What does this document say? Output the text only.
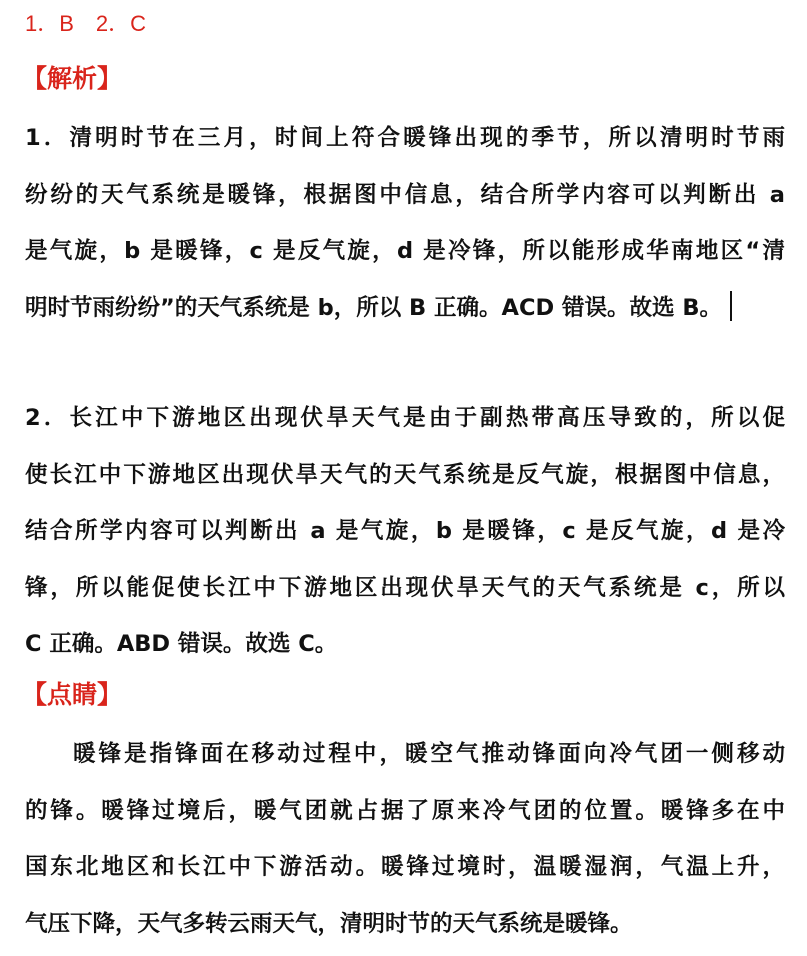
1．B　2．C
【解析】
1．清明时节在三月，时间上符合暖锋出现的季节，所以清明时节雨
纷纷的天气系统是暖锋，根据图中信息，结合所学内容可以判断出 a
是气旋，b 是暖锋，c 是反气旋，d 是冷锋，所以能形成华南地区“清
明时节雨纷纷”的天气系统是 b，所以 B 正确。ACD 错误。故选 B。
2．长江中下游地区出现伏旱天气是由于副热带高压导致的，所以促
使长江中下游地区出现伏旱天气的天气系统是反气旋，根据图中信息，
结合所学内容可以判断出 a 是气旋，b 是暖锋，c 是反气旋，d 是冷
锋，所以能促使长江中下游地区出现伏旱天气的天气系统是 c，所以
C 正确。ABD 错误。故选 C。
【点睛】
暖锋是指锋面在移动过程中，暖空气推动锋面向冷气团一侧移动
的锋。暖锋过境后，暖气团就占据了原来冷气团的位置。暖锋多在中
国东北地区和长江中下游活动。暖锋过境时，温暖湿润，气温上升，
气压下降，天气多转云雨天气，清明时节的天气系统是暖锋。
